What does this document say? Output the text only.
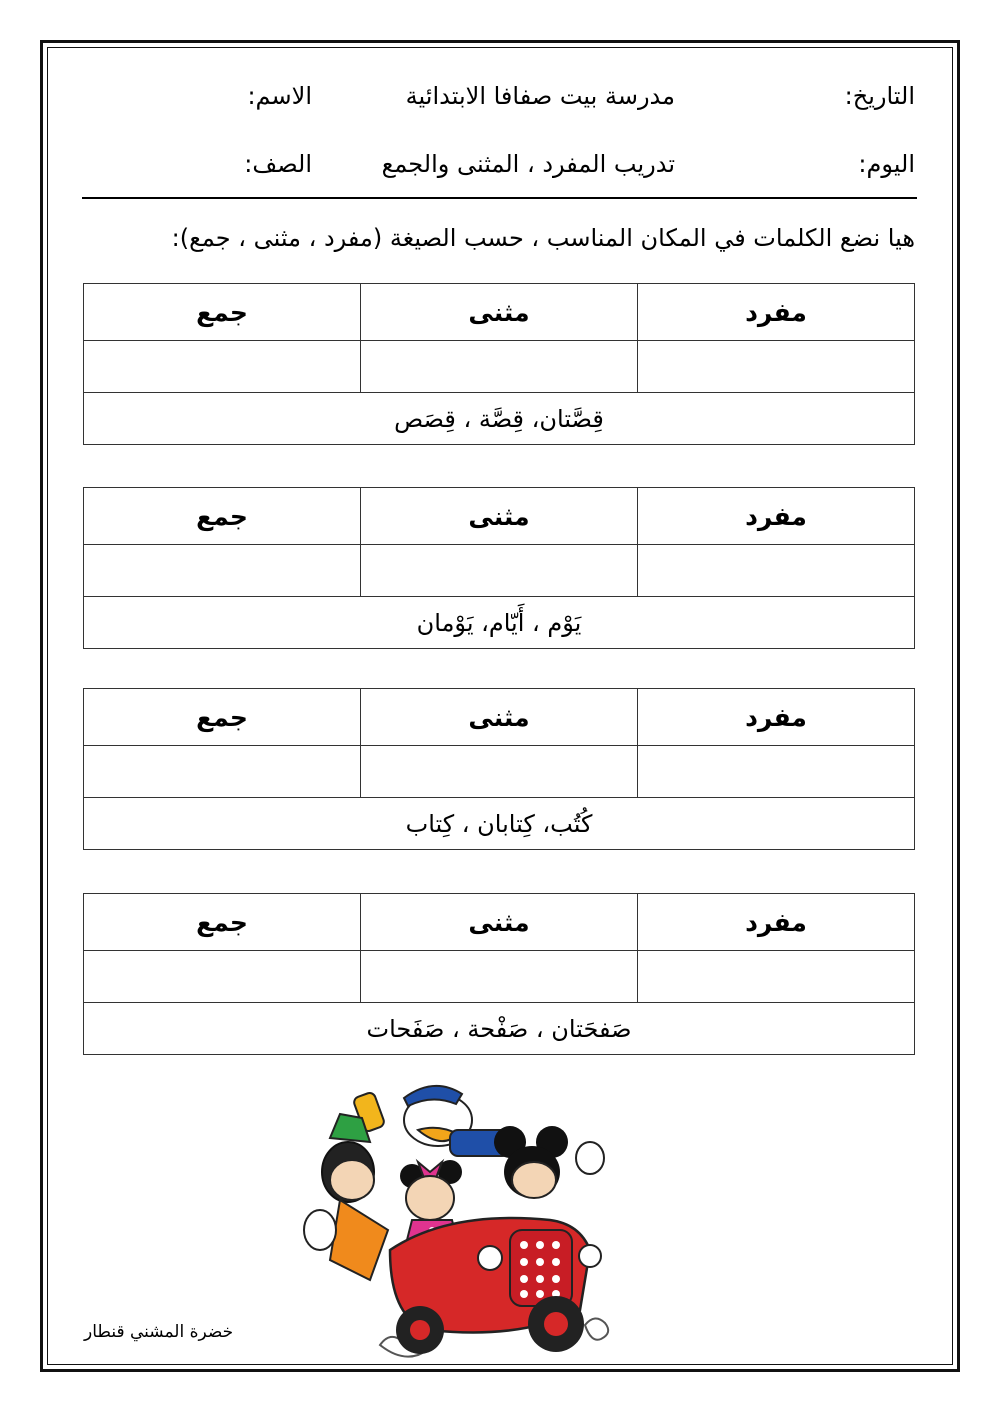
التاريخ:
مدرسة بيت صفافا الابتدائية
الاسم:
اليوم:
تدريب المفرد ، المثنى والجمع
الصف:
هيا نضع الكلمات في المكان المناسب ، حسب الصيغة (مفرد ، مثنى ، جمع):
مفرد	مثنى	جمع

قِصَّتان، قِصَّة ، قِصَص		
مفرد	مثنى	جمع

يَوْم ، أَيّام، يَوْمان		
مفرد	مثنى	جمع

كُتُب، كِتابان ، كِتاب		
مفرد	مثنى	جمع

صَفحَتان ، صَفْحة ، صَفَحات		
خضرة المشني قنطار
